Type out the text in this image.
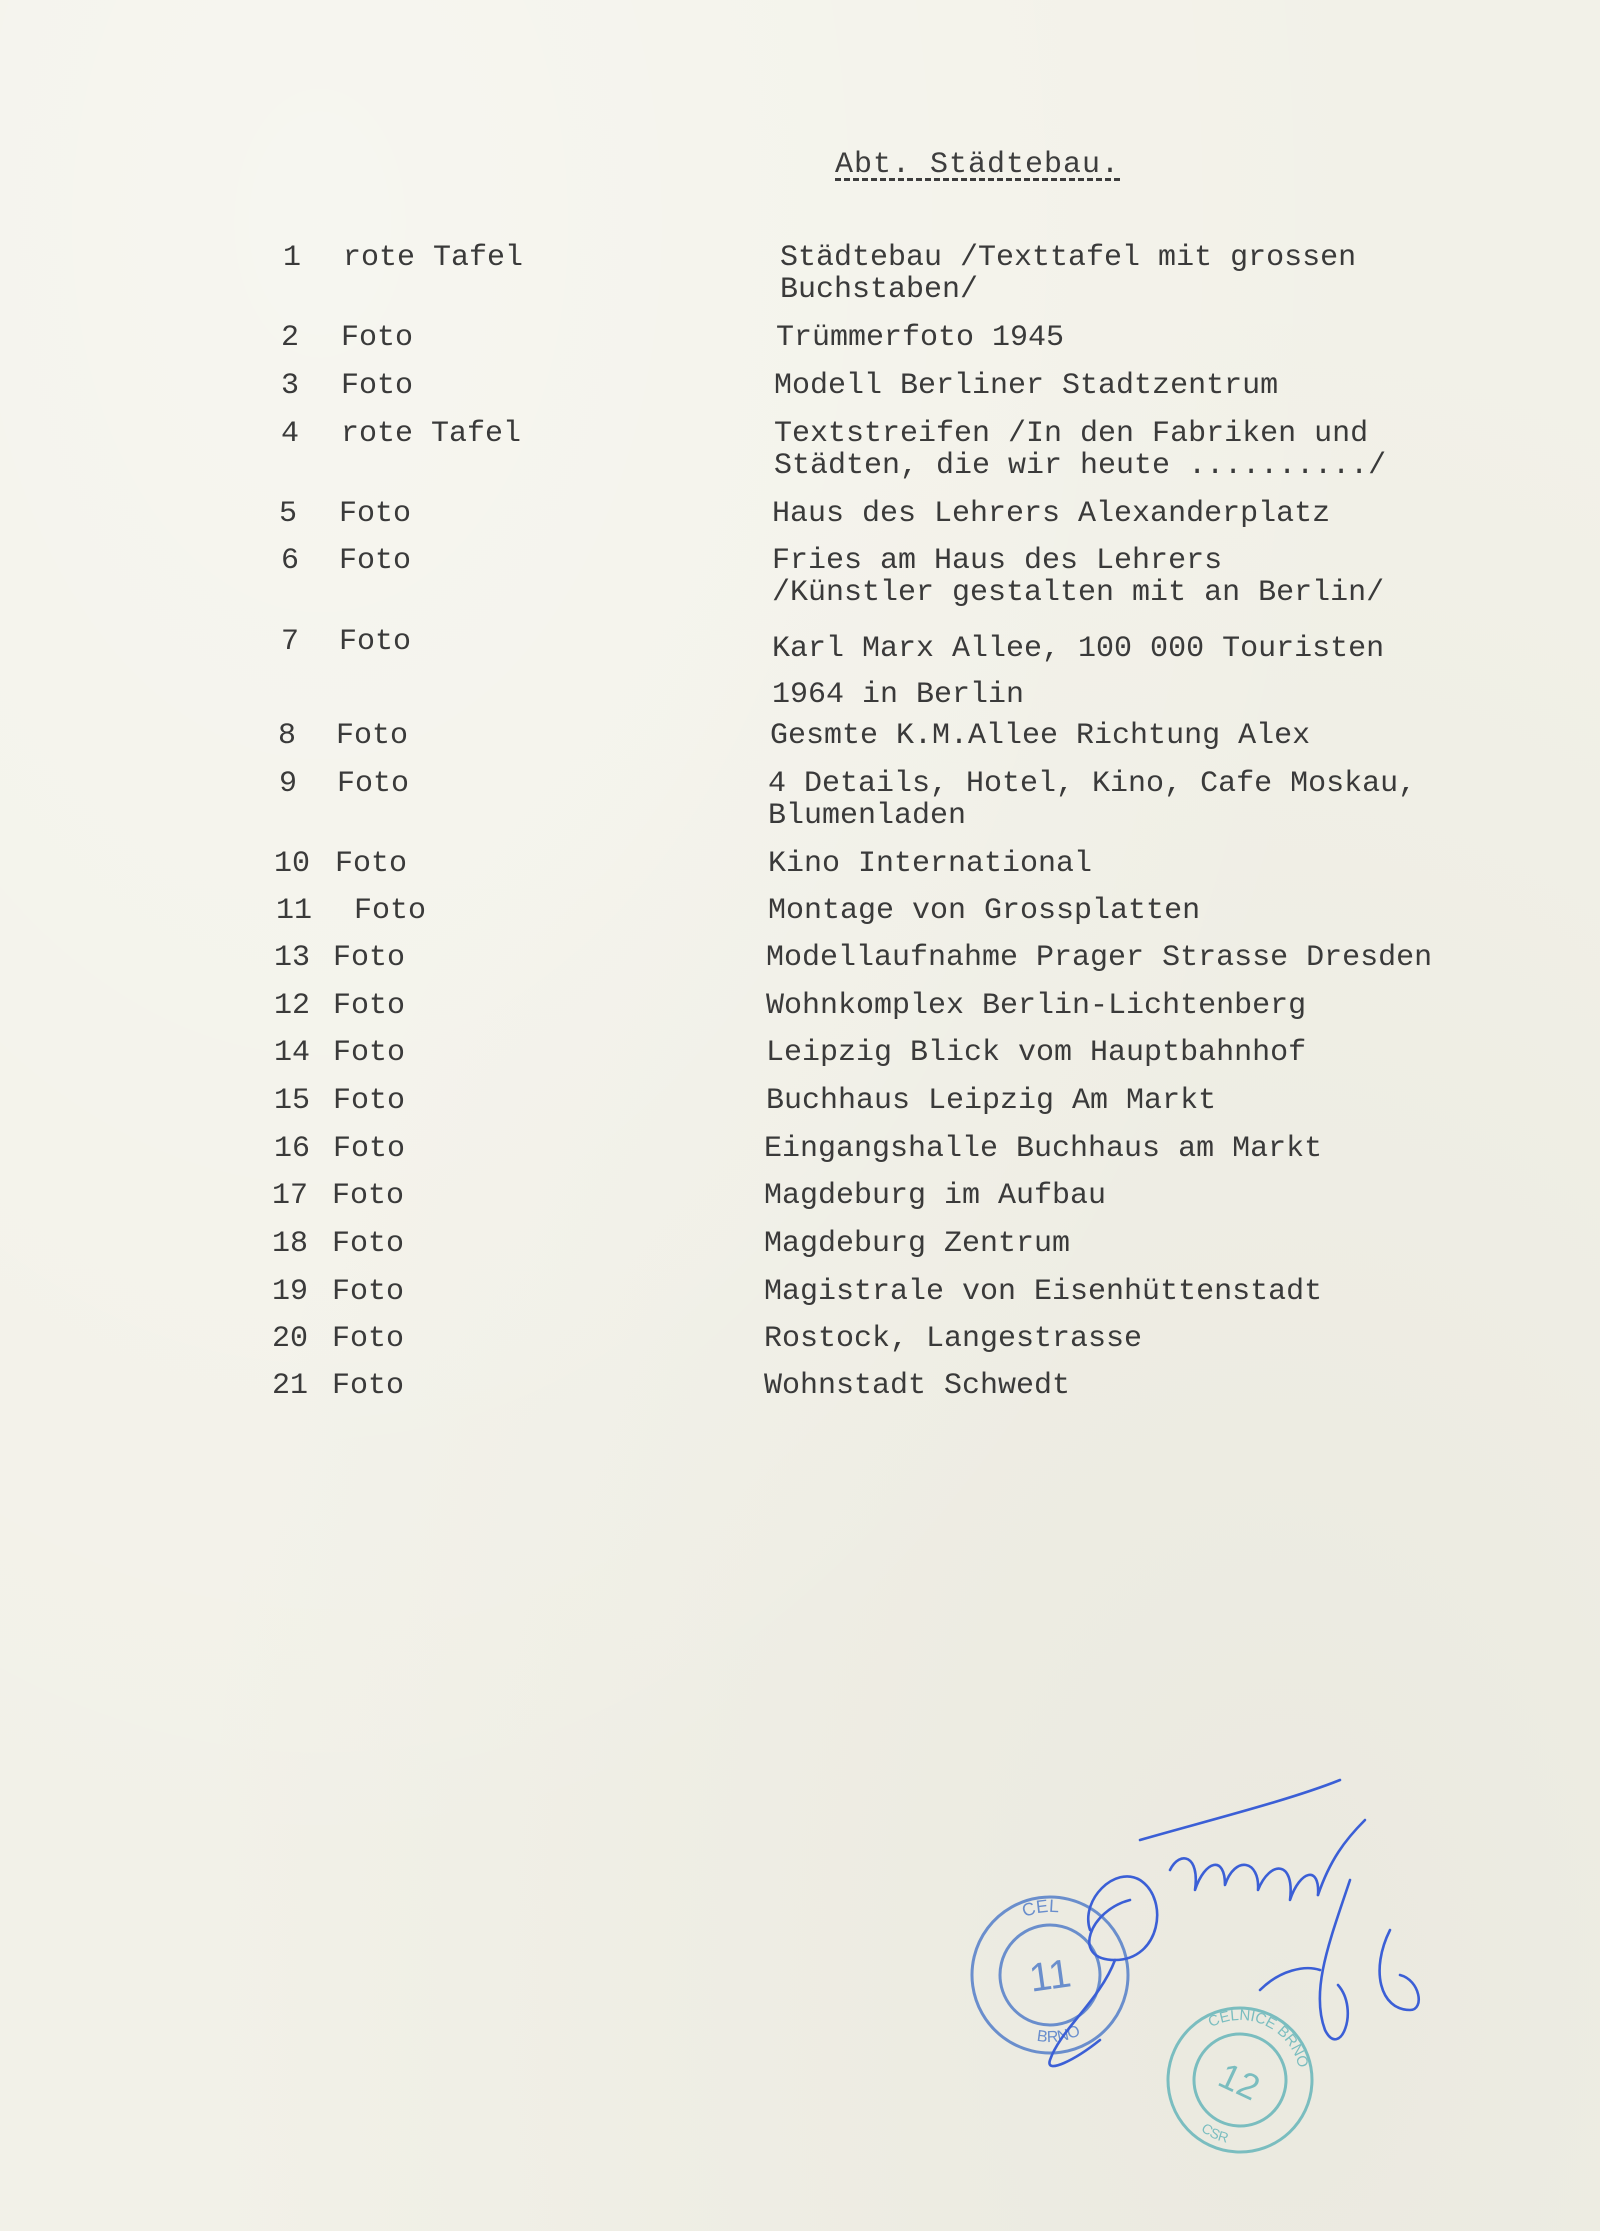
Abt. Städtebau.
1 rote Tafel	Städtebau /Texttafel mit grossen
Buchstaben/
2 Foto	Trümmerfoto 1945
3 Foto	Modell Berliner Stadtzentrum
4 rote Tafel	Textstreifen /In den Fabriken und
Städten, die wir heute ........../
5 Foto	Haus des Lehrers Alexanderplatz
6 Foto	Fries am Haus des Lehrers
/Künstler gestalten mit an Berlin/
7 Foto	Karl Marx Allee, 100 000 Touristen
1964 in Berlin
8 Foto	Gesmte K.M.Allee Richtung Alex
9 Foto	4 Details, Hotel, Kino, Cafe Moskau,
Blumenladen
10 Foto	Kino International
11 Foto	Montage von Grossplatten
13 Foto	Modellaufnahme Prager Strasse Dresden
12 Foto	Wohnkomplex Berlin-Lichtenberg
14 Foto	Leipzig Blick vom Hauptbahnhof
15 Foto	Buchhaus Leipzig Am Markt
16 Foto	Eingangshalle Buchhaus am Markt
17 Foto	Magdeburg im Aufbau
18 Foto	Magdeburg Zentrum
19 Foto	Magistrale von Eisenhüttenstadt
20 Foto	Rostock, Langestrasse
21 Foto	Wohnstadt Schwedt
CEL
BRNO
11
CELNICE BRNO
CSR
12
